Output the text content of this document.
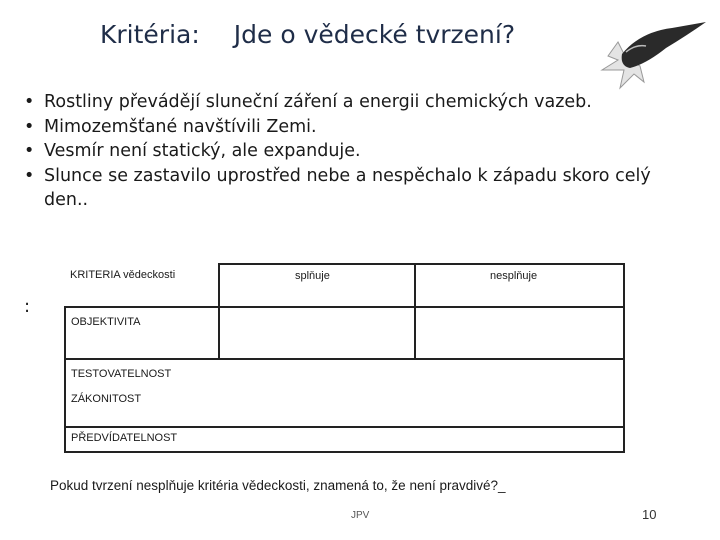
Kritéria: Jde o vědecké tvrzení?
• Rostliny převádějí sluneční záření a energii chemických vazeb.
• Mimozemšťané navštívili Zemi.
• Vesmír není statický, ale expanduje.
• Slunce se zastavilo uprostřed nebe a nespěchalo k západu skoro celý den..
:
KRITERIA vědeckosti	splňuje	nesplňuje
OBJEKTIVITA
TESTOVATELNOST
ZÁKONITOST
PŘEDVÍDATELNOST
Pokud tvrzení nesplňuje kritéria vědeckosti, znamená to, že není pravdivé?_
JPV	10
